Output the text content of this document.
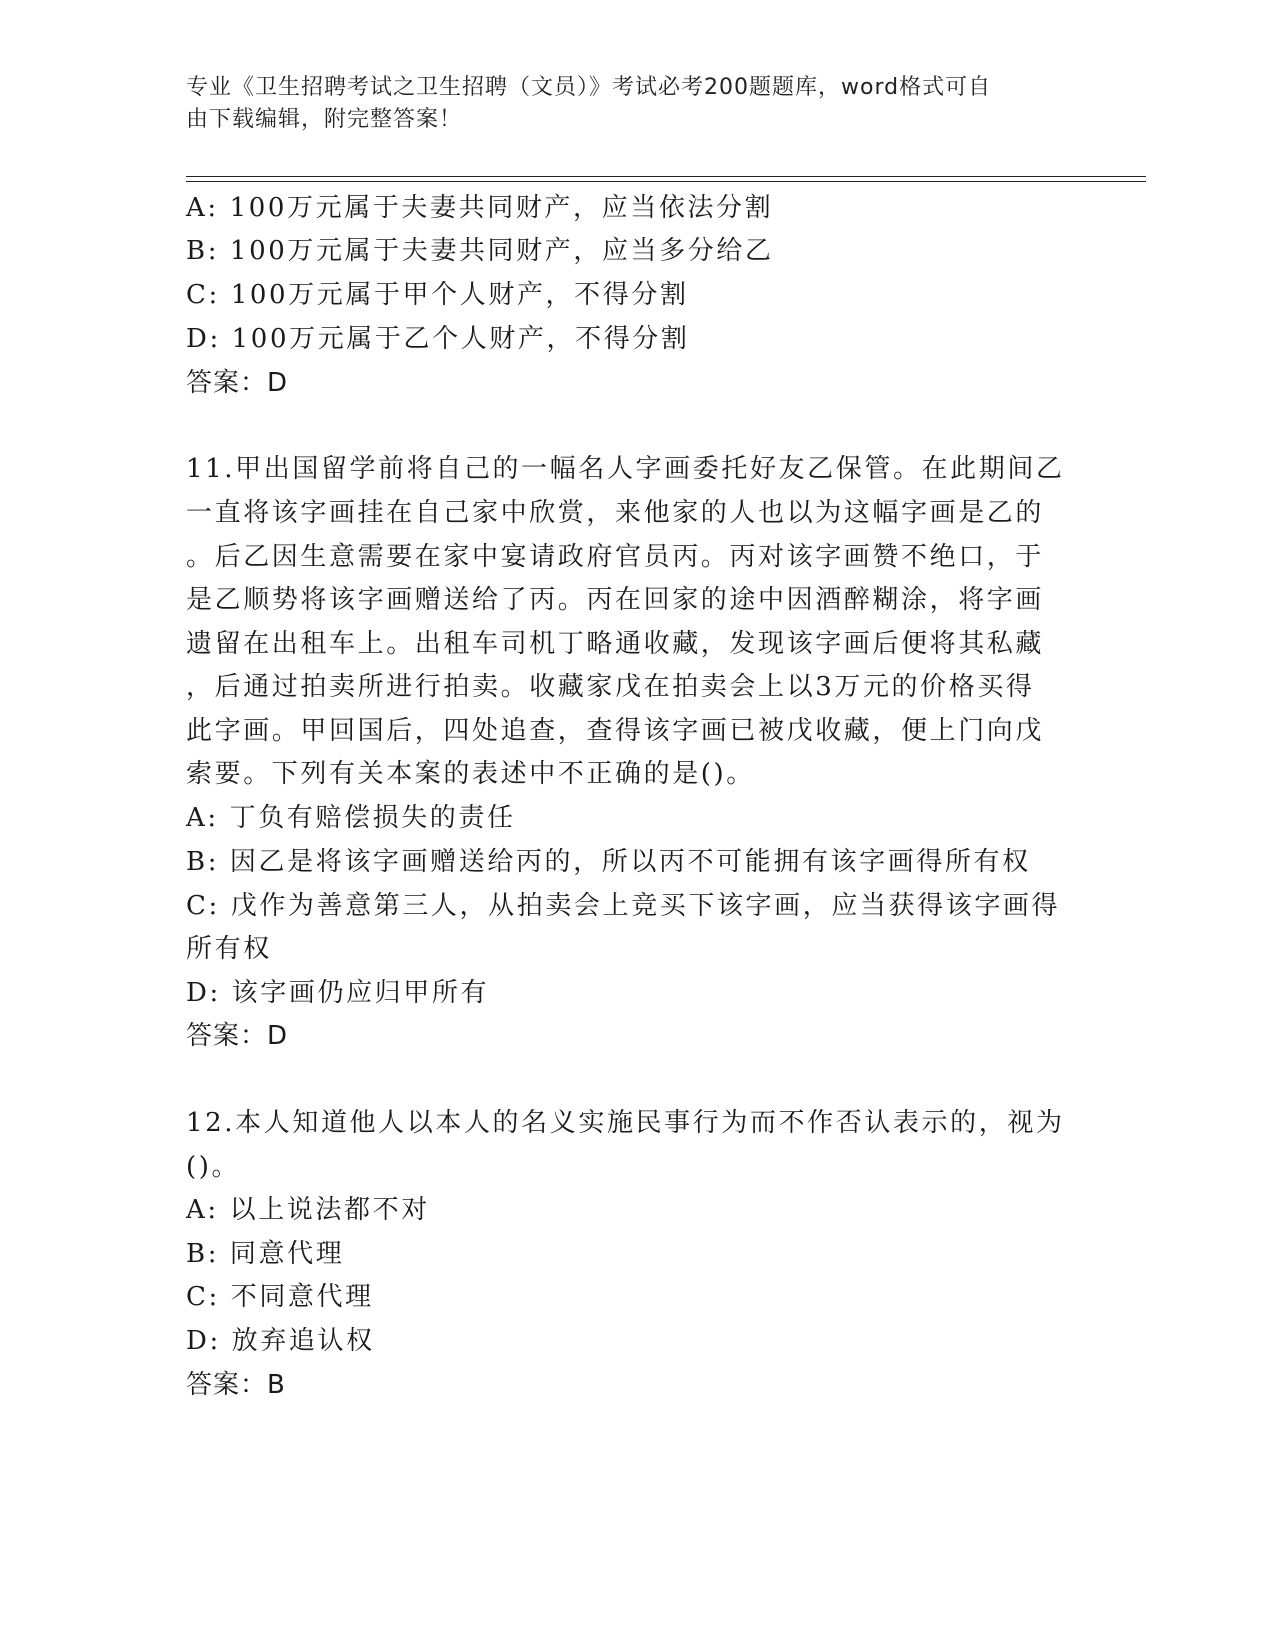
专业《卫生招聘考试之卫生招聘（文员）》考试必考200题题库，word格式可自
由下载编辑，附完整答案！
A: 100万元属于夫妻共同财产，应当依法分割
B: 100万元属于夫妻共同财产，应当多分给乙
C: 100万元属于甲个人财产，不得分割
D: 100万元属于乙个人财产，不得分割
答案：D
11.甲出国留学前将自己的一幅名人字画委托好友乙保管。在此期间乙
一直将该字画挂在自己家中欣赏，来他家的人也以为这幅字画是乙的
。后乙因生意需要在家中宴请政府官员丙。丙对该字画赞不绝口，于
是乙顺势将该字画赠送给了丙。丙在回家的途中因酒醉糊涂，将字画
遗留在出租车上。出租车司机丁略通收藏，发现该字画后便将其私藏
，后通过拍卖所进行拍卖。收藏家戊在拍卖会上以3万元的价格买得
此字画。甲回国后，四处追查，查得该字画已被戊收藏，便上门向戊
索要。下列有关本案的表述中不正确的是()。
A: 丁负有赔偿损失的责任
B: 因乙是将该字画赠送给丙的，所以丙不可能拥有该字画得所有权
C: 戊作为善意第三人，从拍卖会上竞买下该字画，应当获得该字画得
所有权
D: 该字画仍应归甲所有
答案：D
12.本人知道他人以本人的名义实施民事行为而不作否认表示的，视为
()。
A: 以上说法都不对
B: 同意代理
C: 不同意代理
D: 放弃追认权
答案：B
